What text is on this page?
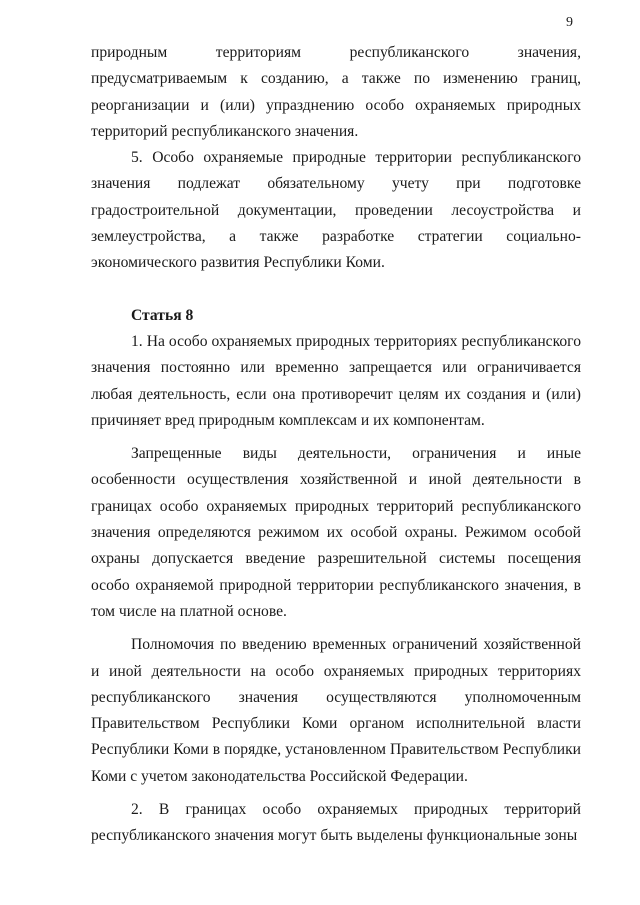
9

природным территориям республиканского значения, предусматриваемым к созданию, а также по изменению границ, реорганизации и (или) упразднению особо охраняемых природных территорий республиканского значения.

5. Особо охраняемые природные территории республиканского значения подлежат обязательному учету при подготовке градостроительной документации, проведении лесоустройства и землеустройства, а также разработке стратегии социально-экономического развития Республики Коми.

Статья 8

1. На особо охраняемых природных территориях республиканского значения постоянно или временно запрещается или ограничивается любая деятельность, если она противоречит целям их создания и (или) причиняет вред природным комплексам и их компонентам.

Запрещенные виды деятельности, ограничения и иные особенности осуществления хозяйственной и иной деятельности в границах особо охраняемых природных территорий республиканского значения определяются режимом их особой охраны. Режимом особой охраны допускается введение разрешительной системы посещения особо охраняемой природной территории республиканского значения, в том числе на платной основе.

Полномочия по введению временных ограничений хозяйственной и иной деятельности на особо охраняемых природных территориях республиканского значения осуществляются уполномоченным Правительством Республики Коми органом исполнительной власти Республики Коми в порядке, установленном Правительством Республики Коми с учетом законодательства Российской Федерации.

2. В границах особо охраняемых природных территорий республиканского значения могут быть выделены функциональные зоны
